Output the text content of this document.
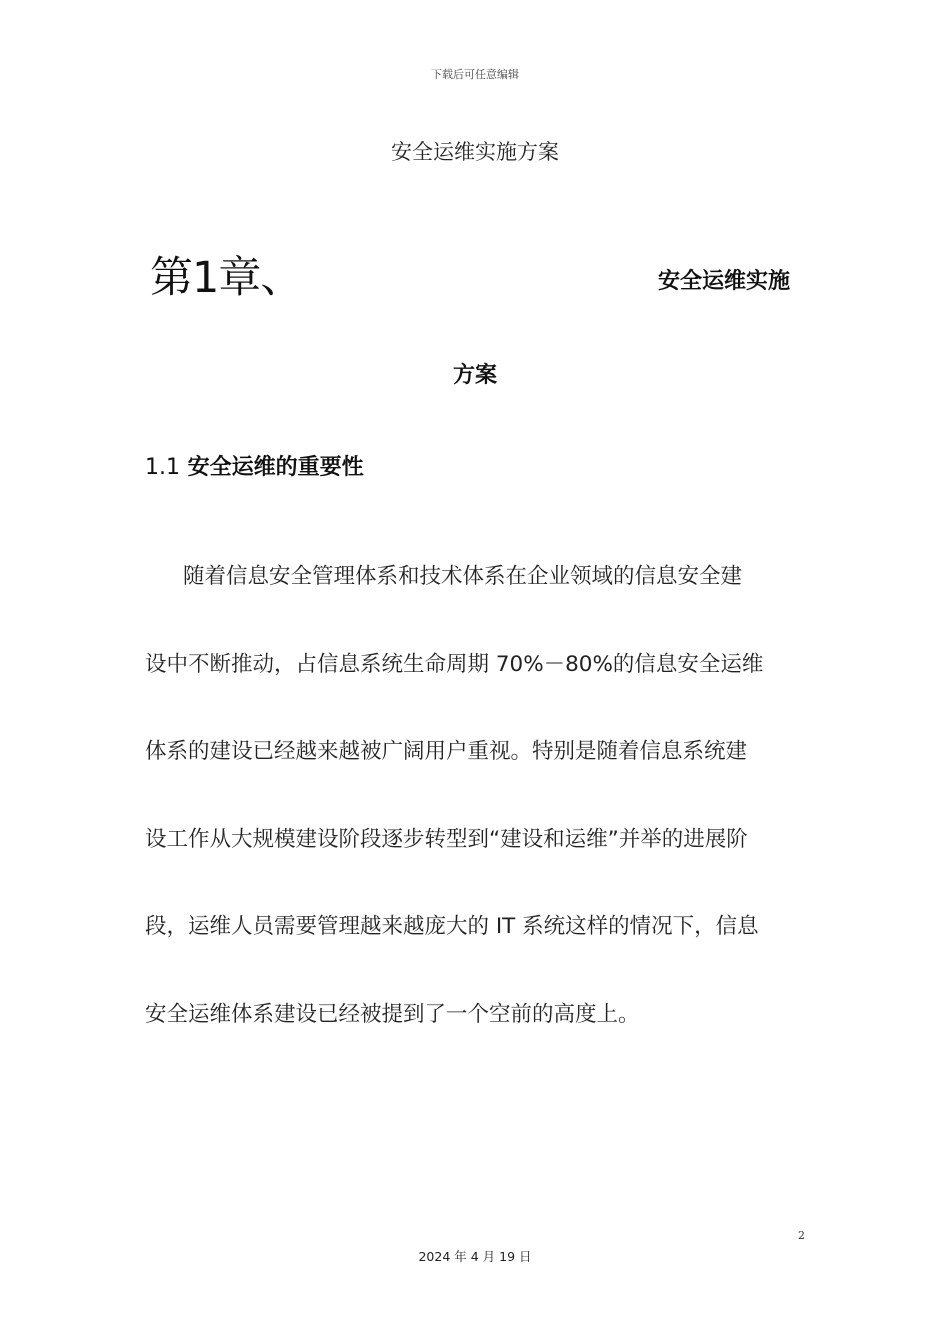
下载后可任意编辑

安全运维实施方案
第1章、	安全运维实施
方案
1.1 安全运维的重要性
随着信息安全管理体系和技术体系在企业领域的信息安全建
设中不断推动，占信息系统生命周期 70%－80%的信息安全运维
体系的建设已经越来越被广阔用户重视。特别是随着信息系统建
设工作从大规模建设阶段逐步转型到“建设和运维”并举的进展阶
段，运维人员需要管理越来越庞大的 IT 系统这样的情况下，信息
安全运维体系建设已经被提到了一个空前的高度上。
2

2024 年 4 月 19 日
